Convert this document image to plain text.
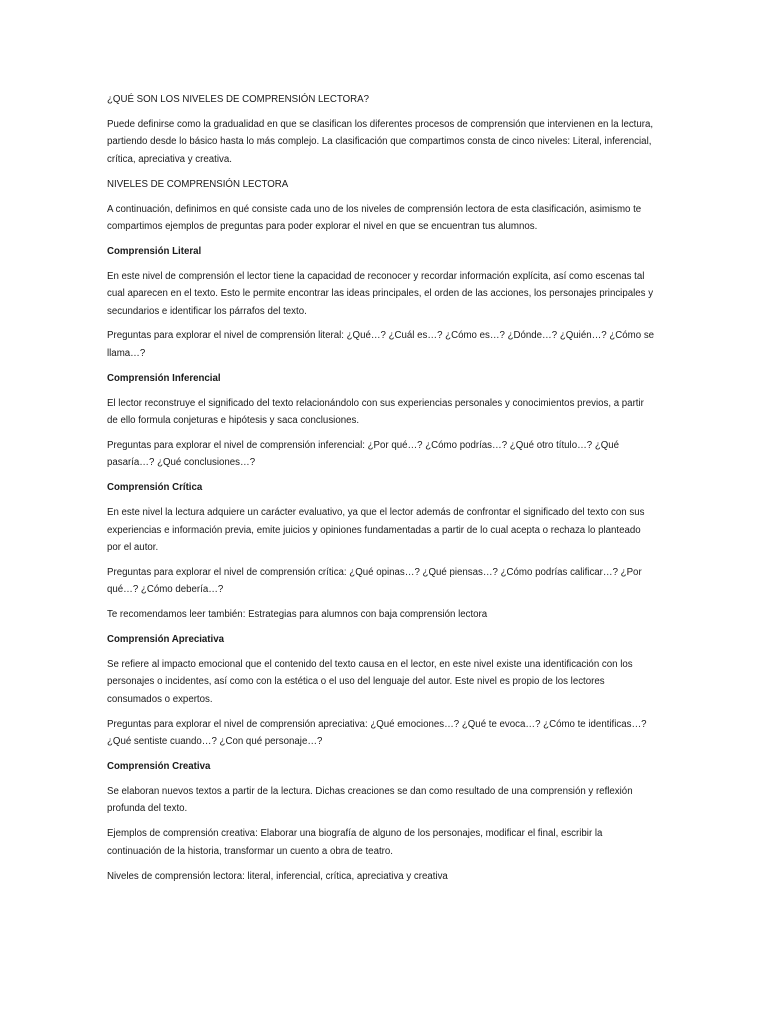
¿QUÉ SON LOS NIVELES DE COMPRENSIÓN LECTORA?

Puede definirse como la gradualidad en que se clasifican los diferentes procesos de comprensión que intervienen en la lectura, partiendo desde lo básico hasta lo más complejo. La clasificación que compartimos consta de cinco niveles: Literal, inferencial, crítica, apreciativa y creativa.

NIVELES DE COMPRENSIÓN LECTORA

A continuación, definimos en qué consiste cada uno de los niveles de comprensión lectora de esta clasificación, asimismo te compartimos ejemplos de preguntas para poder explorar el nivel en que se encuentran tus alumnos.

Comprensión Literal

En este nivel de comprensión el lector tiene la capacidad de reconocer y recordar información explícita, así como escenas tal cual aparecen en el texto. Esto le permite encontrar las ideas principales, el orden de las acciones, los personajes principales y secundarios e identificar los párrafos del texto.

Preguntas para explorar el nivel de comprensión literal: ¿Qué…? ¿Cuál es…? ¿Cómo es…? ¿Dónde…? ¿Quién…? ¿Cómo se llama…?

Comprensión Inferencial

El lector reconstruye el significado del texto relacionándolo con sus experiencias personales y conocimientos previos, a partir de ello formula conjeturas e hipótesis y saca conclusiones.

Preguntas para explorar el nivel de comprensión inferencial: ¿Por qué…? ¿Cómo podrías…? ¿Qué otro título…? ¿Qué pasaría…? ¿Qué conclusiones…?

Comprensión Crítica

En este nivel la lectura adquiere un carácter evaluativo, ya que el lector además de confrontar el significado del texto con sus experiencias e información previa, emite juicios y opiniones fundamentadas a partir de lo cual acepta o rechaza lo planteado por el autor.

Preguntas para explorar el nivel de comprensión crítica: ¿Qué opinas…? ¿Qué piensas…? ¿Cómo podrías calificar…? ¿Por qué…? ¿Cómo debería…?

Te recomendamos leer también: Estrategias para alumnos con baja comprensión lectora

Comprensión Apreciativa

Se refiere al impacto emocional que el contenido del texto causa en el lector, en este nivel existe una identificación con los personajes o incidentes, así como con la estética o el uso del lenguaje del autor. Este nivel es propio de los lectores consumados o expertos.

Preguntas para explorar el nivel de comprensión apreciativa: ¿Qué emociones…? ¿Qué te evoca…? ¿Cómo te identificas…? ¿Qué sentiste cuando…? ¿Con qué personaje…?

Comprensión Creativa

Se elaboran nuevos textos a partir de la lectura. Dichas creaciones se dan como resultado de una comprensión y reflexión profunda del texto.

Ejemplos de comprensión creativa: Elaborar una biografía de alguno de los personajes, modificar el final, escribir la continuación de la historia, transformar un cuento a obra de teatro.

Niveles de comprensión lectora: literal, inferencial, crítica, apreciativa y creativa
